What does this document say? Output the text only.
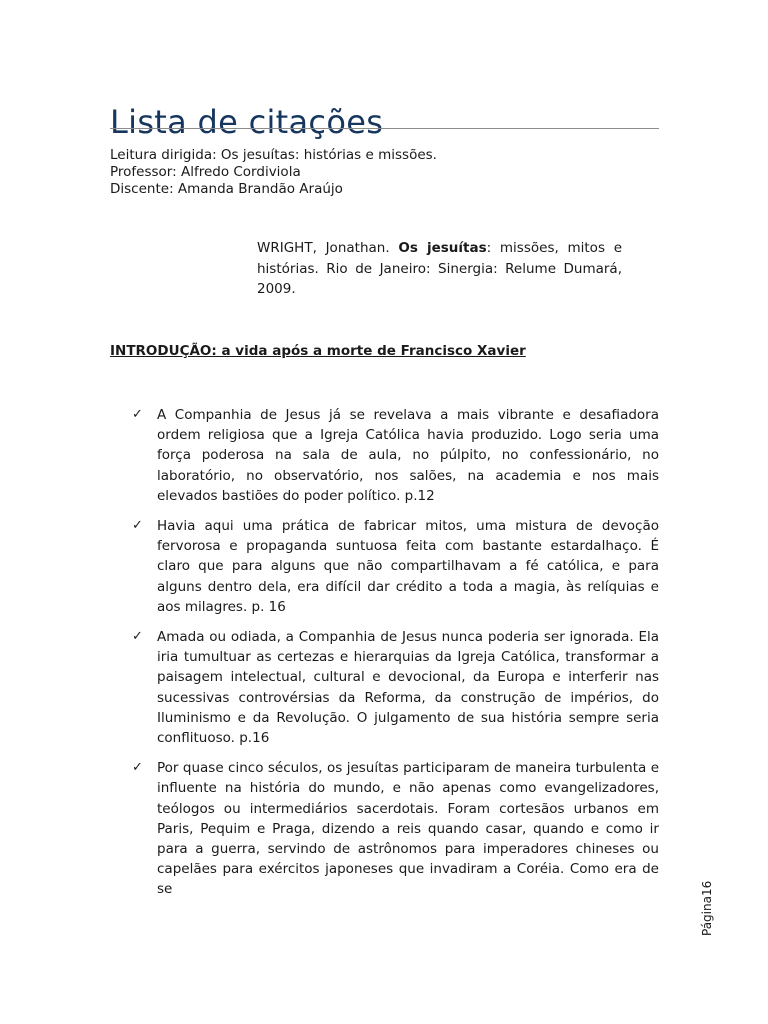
Lista de citações
Leitura dirigida: Os jesuítas: histórias e missões.
Professor: Alfredo Cordiviola
Discente: Amanda Brandão Araújo
WRIGHT, Jonathan. Os jesuítas: missões, mitos e histórias. Rio de Janeiro: Sinergia: Relume Dumará, 2009.
INTRODUÇÃO: a vida após a morte de Francisco Xavier
✓ A Companhia de Jesus já se revelava a mais vibrante e desafiadora ordem religiosa que a Igreja Católica havia produzido. Logo seria uma força poderosa na sala de aula, no púlpito, no confessionário, no laboratório, no observatório, nos salões, na academia e nos mais elevados bastiões do poder político. p.12
✓ Havia aqui uma prática de fabricar mitos, uma mistura de devoção fervorosa e propaganda suntuosa feita com bastante estardalhaço. É claro que para alguns que não compartilhavam a fé católica, e para alguns dentro dela, era difícil dar crédito a toda a magia, às relíquias e aos milagres. p. 16
✓ Amada ou odiada, a Companhia de Jesus nunca poderia ser ignorada. Ela iria tumultuar as certezas e hierarquias da Igreja Católica, transformar a paisagem intelectual, cultural e devocional, da Europa e interferir nas sucessivas controvérsias da Reforma, da construção de impérios, do Iluminismo e da Revolução. O julgamento de sua história sempre seria conflituoso. p.16
✓ Por quase cinco séculos, os jesuítas participaram de maneira turbulenta e influente na história do mundo, e não apenas como evangelizadores, teólogos ou intermediários sacerdotais. Foram cortesãos urbanos em Paris, Pequim e Praga, dizendo a reis quando casar, quando e como ir para a guerra, servindo de astrônomos para imperadores chineses ou capelães para exércitos japoneses que invadiram a Coréia. Como era de se	Página16
